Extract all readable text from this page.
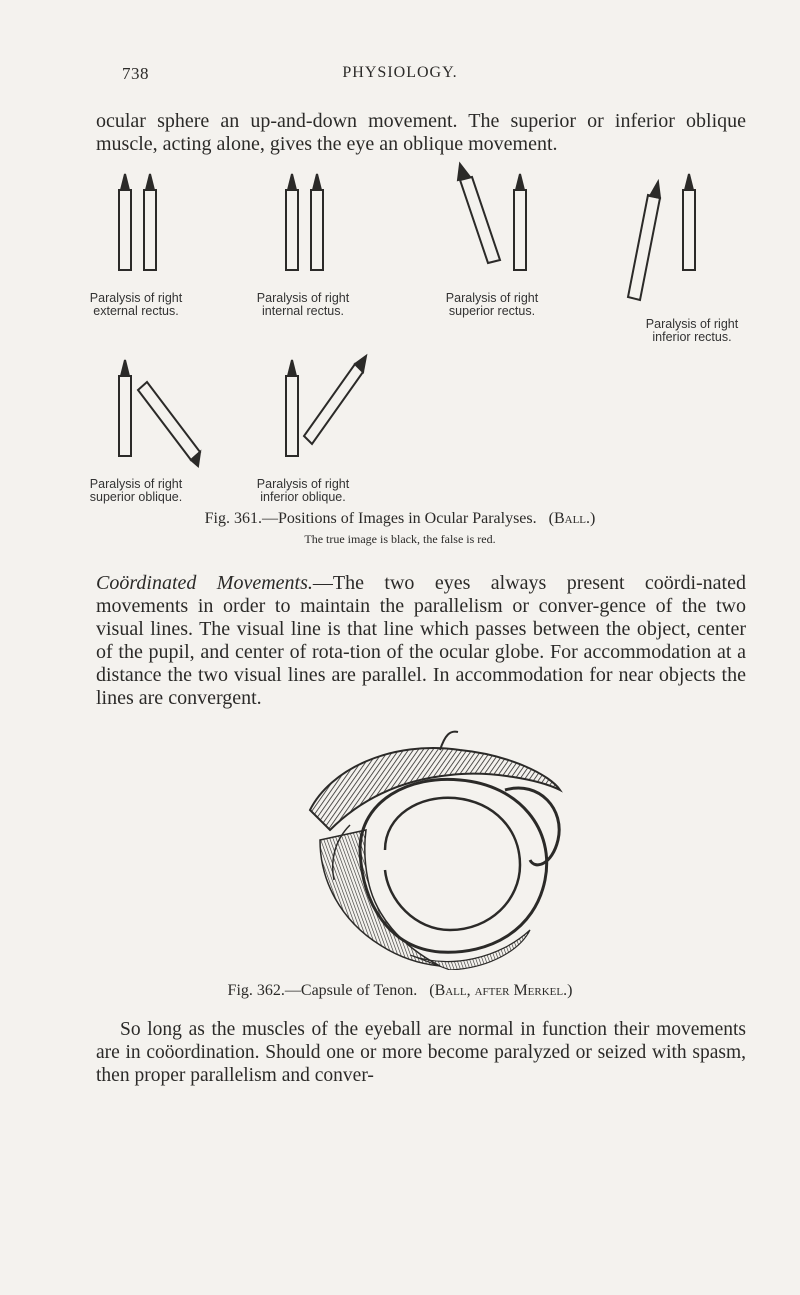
738	PHYSIOLOGY.

ocular sphere an up-and-down movement. The superior or inferior oblique muscle, acting alone, gives the eye an oblique movement.

Paralysis of right
external rectus.
Paralysis of right
internal rectus.
Paralysis of right
superior rectus.
Paralysis of right
inferior rectus.
Paralysis of right
superior oblique.
Paralysis of right
inferior oblique.
Fig. 361.—Positions of Images in Ocular Paralyses. (Ball.)
The true image is black, the false is red.

Coördinated Movements.—The two eyes always present coördi-nated movements in order to maintain the parallelism or conver-gence of the two visual lines. The visual line is that line which passes between the object, center of the pupil, and center of rota-tion of the ocular globe. For accommodation at a distance the two visual lines are parallel. In accommodation for near objects the lines are convergent.

Fig. 362.—Capsule of Tenon. (Ball, after Merkel.)

So long as the muscles of the eyeball are normal in function their movements are in coöordination. Should one or more become paralyzed or seized with spasm, then proper parallelism and conver-
